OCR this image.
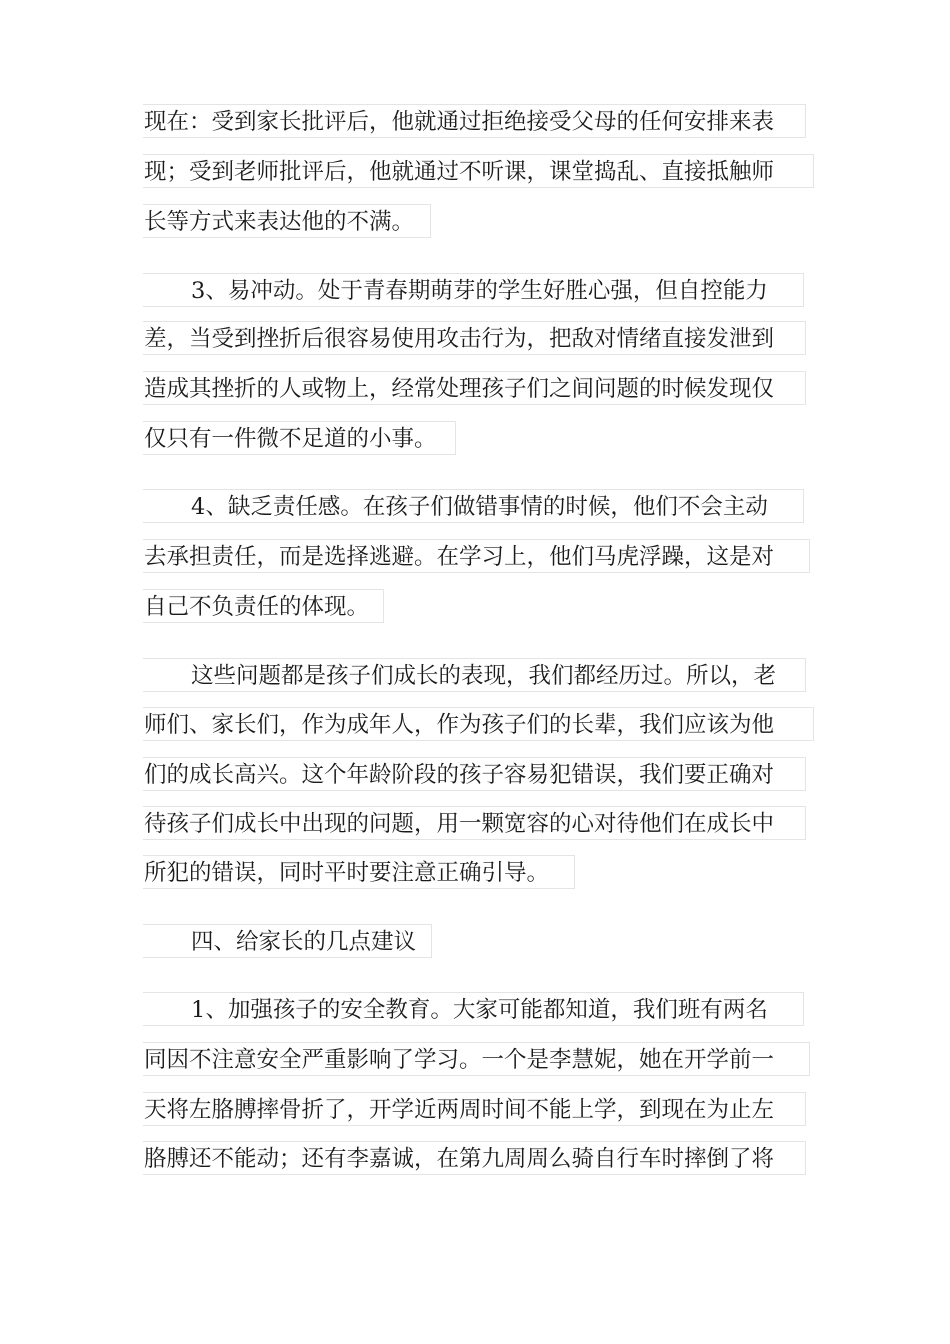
现在：受到家长批评后，他就通过拒绝接受父母的任何安排来表
现；受到老师批评后，他就通过不听课，课堂捣乱、直接抵触师
长等方式来表达他的不满。
3、易冲动。处于青春期萌芽的学生好胜心强，但自控能力
差，当受到挫折后很容易使用攻击行为，把敌对情绪直接发泄到
造成其挫折的人或物上，经常处理孩子们之间问题的时候发现仅
仅只有一件微不足道的小事。
4、缺乏责任感。在孩子们做错事情的时候，他们不会主动
去承担责任，而是选择逃避。在学习上，他们马虎浮躁，这是对
自己不负责任的体现。
这些问题都是孩子们成长的表现，我们都经历过。所以，老
师们、家长们，作为成年人，作为孩子们的长辈，我们应该为他
们的成长高兴。这个年龄阶段的孩子容易犯错误，我们要正确对
待孩子们成长中出现的问题，用一颗宽容的心对待他们在成长中
所犯的错误，同时平时要注意正确引导。
四、给家长的几点建议
1、加强孩子的安全教育。大家可能都知道，我们班有两名
同因不注意安全严重影响了学习。一个是李慧妮，她在开学前一
天将左胳膊摔骨折了，开学近两周时间不能上学，到现在为止左
胳膊还不能动；还有李嘉诚，在第九周周么骑自行车时摔倒了将
